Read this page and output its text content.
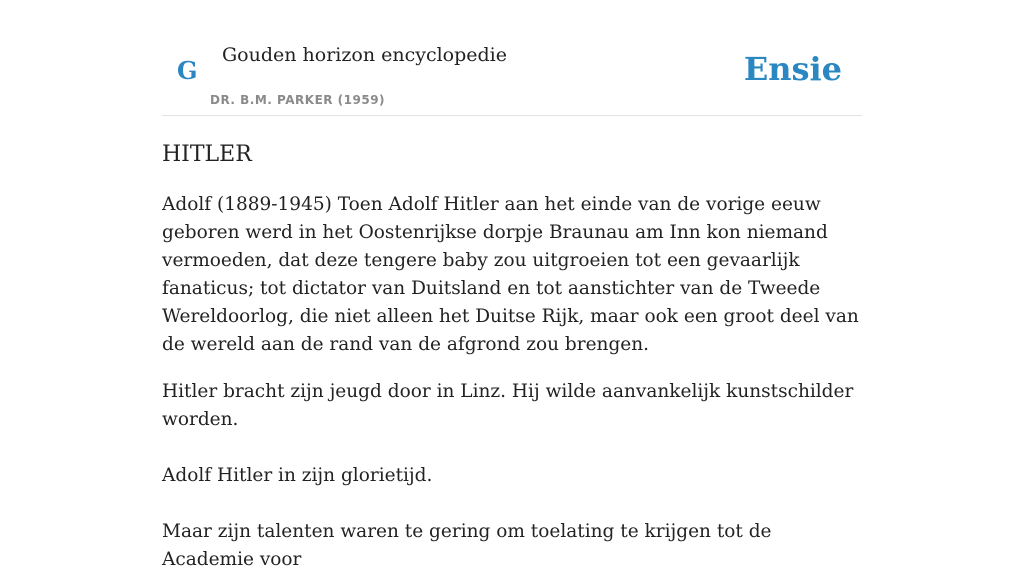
G
Gouden horizon encyclopedie
DR. B.M. PARKER (1959)
Ensie
HITLER

Adolf (1889-1945) Toen Adolf Hitler aan het einde van de vorige eeuw geboren werd in het Oostenrijkse dorpje Braunau am Inn kon niemand vermoeden, dat deze tengere baby zou uitgroeien tot een gevaarlijk fanaticus; tot dictator van Duitsland en tot aanstichter van de Tweede Wereldoorlog, die niet alleen het Duitse Rijk, maar ook een groot deel van de wereld aan de rand van de afgrond zou brengen.

Hitler bracht zijn jeugd door in Linz. Hij wilde aanvankelijk kunstschilder worden.

Adolf Hitler in zijn glorietijd.

Maar zijn talenten waren te gering om toelating te krijgen tot de Academie voor
